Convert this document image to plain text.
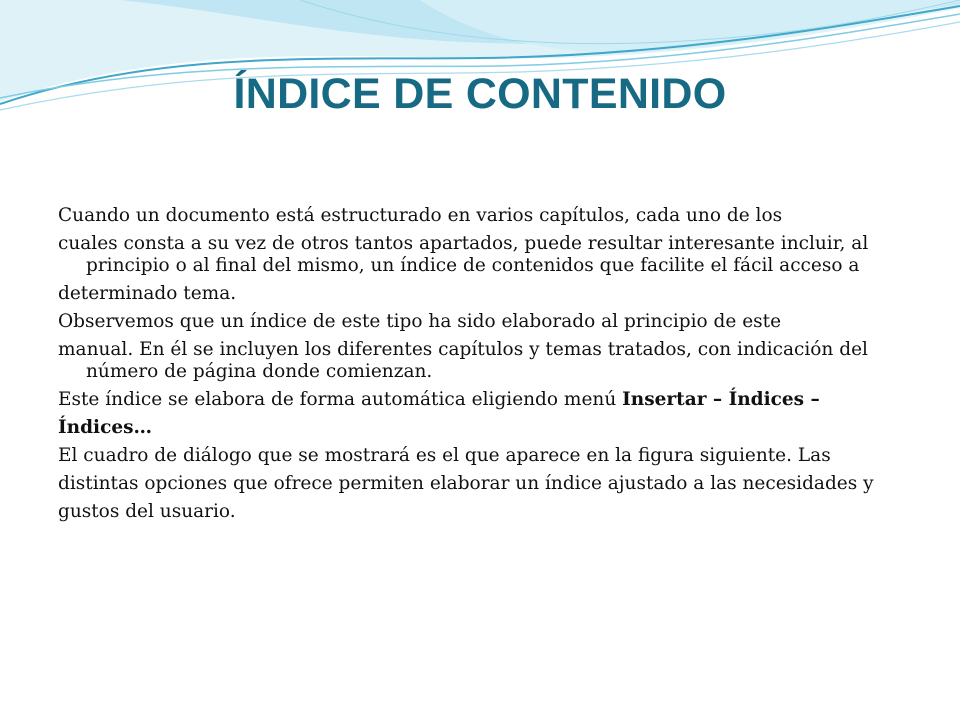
ÍNDICE DE CONTENIDO

Cuando un documento está estructurado en varios capítulos, cada uno de los

cuales consta a su vez de otros tantos apartados, puede resultar interesante incluir, al principio o al final del mismo, un índice de contenidos que facilite el fácil acceso a

determinado tema.

Observemos que un índice de este tipo ha sido elaborado al principio de este

manual. En él se incluyen los diferentes capítulos y temas tratados, con indicación del número de página donde comienzan.

Este índice se elabora de forma automática eligiendo menú Insertar – Índices –

Índices…

El cuadro de diálogo que se mostrará es el que aparece en la figura siguiente. Las

distintas opciones que ofrece permiten elaborar un índice ajustado a las necesidades y

gustos del usuario.
